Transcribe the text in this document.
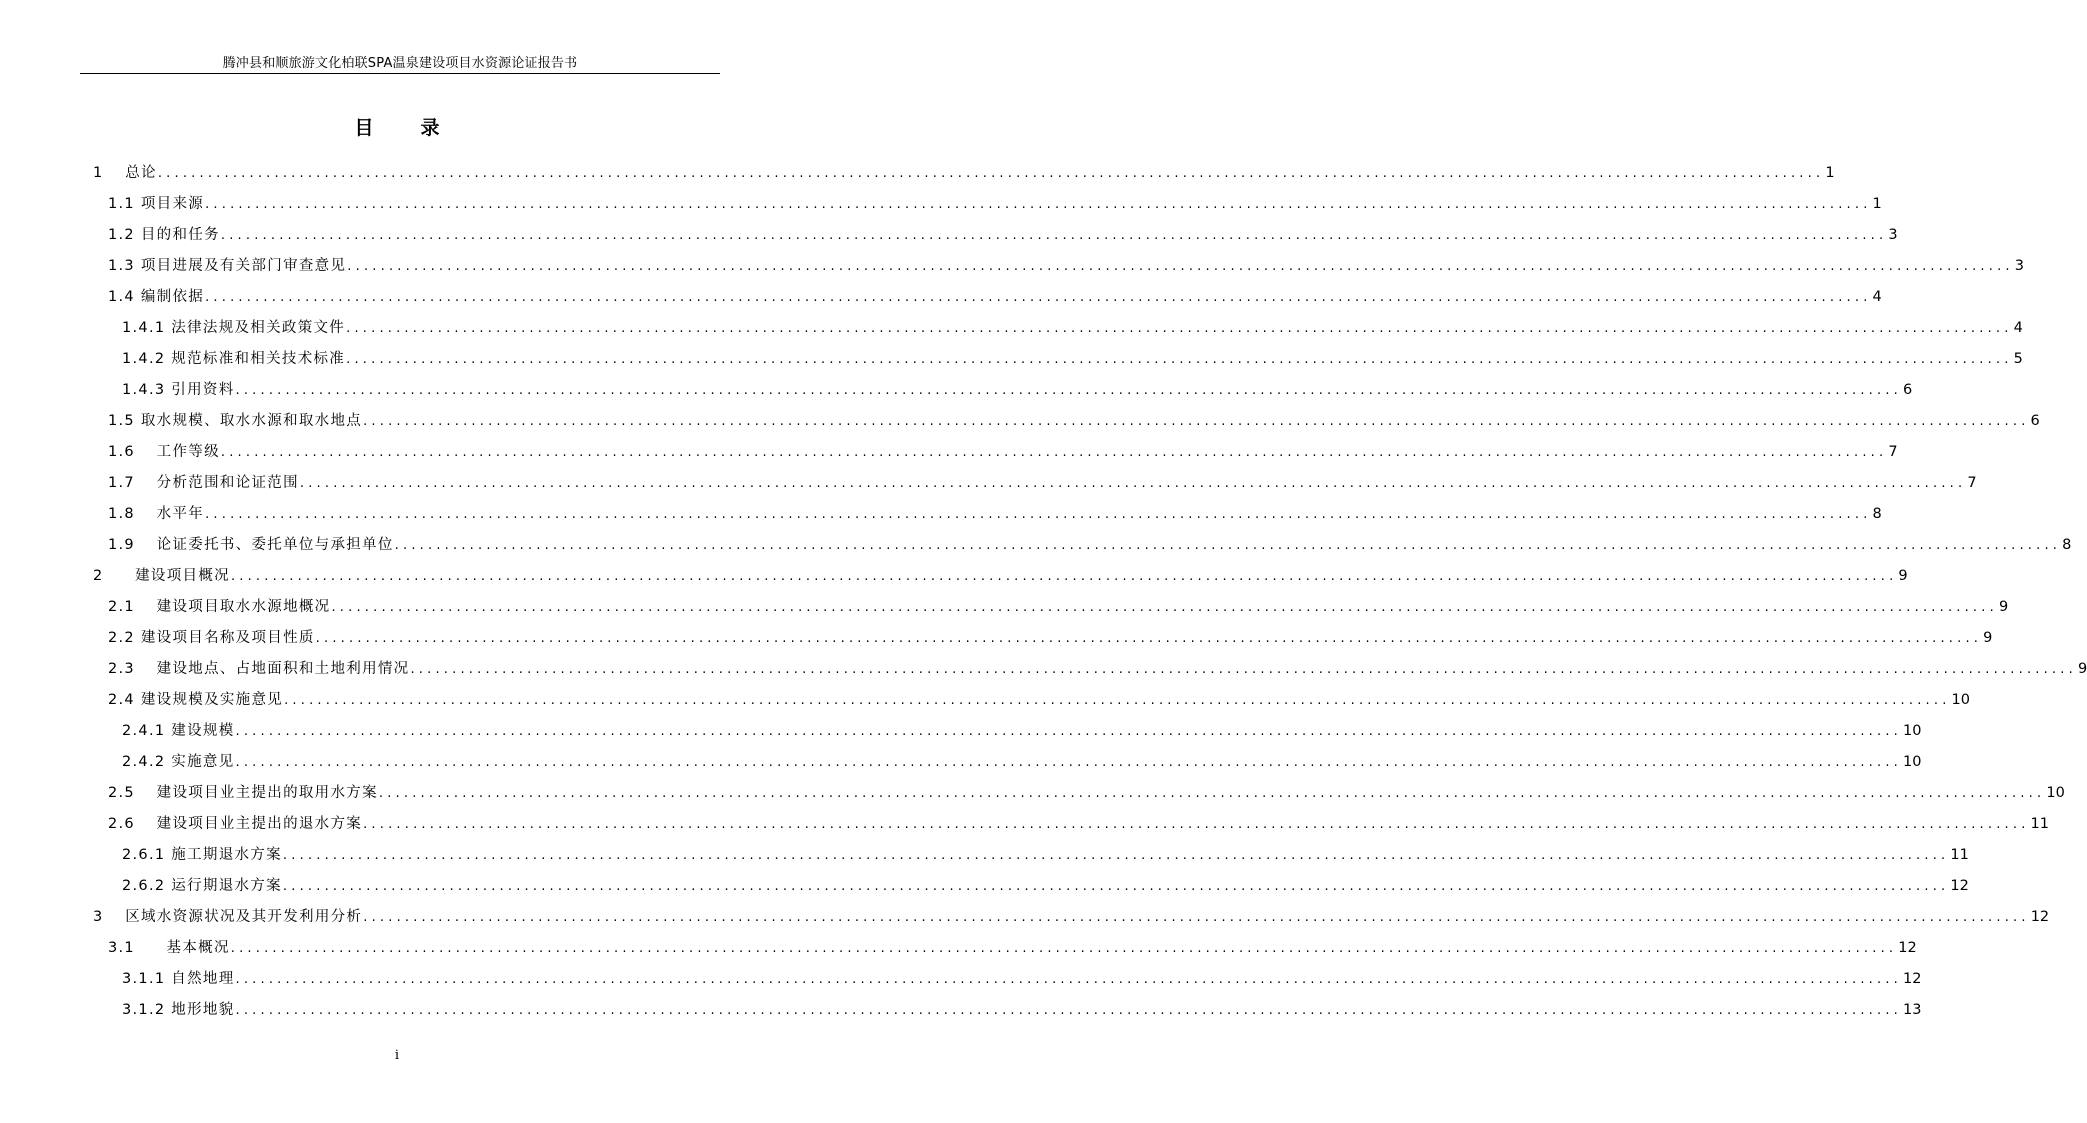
腾冲县和顺旅游文化柏联SPA温泉建设项目水资源论证报告书
目　录
1　 总论 ........................................................................................................................................................................................................ 1
1.1 项目来源 ........................................................................................................................................................................................................ 1
1.2 目的和任务 ........................................................................................................................................................................................................ 3
1.3 项目进展及有关部门审查意见 ........................................................................................................................................................................................................ 3
1.4 编制依据 ........................................................................................................................................................................................................ 4
1.4.1 法律法规及相关政策文件 ........................................................................................................................................................................................................ 4
1.4.2 规范标准和相关技术标准 ........................................................................................................................................................................................................ 5
1.4.3 引用资料 ........................................................................................................................................................................................................ 6
1.5 取水规模、取水水源和取水地点 ........................................................................................................................................................................................................ 6
1.6　 工作等级 ........................................................................................................................................................................................................ 7
1.7　 分析范围和论证范围 ........................................................................................................................................................................................................ 7
1.8　 水平年 ........................................................................................................................................................................................................ 8
1.9　 论证委托书、委托单位与承担单位 ........................................................................................................................................................................................................ 8
2　　建设项目概况 ........................................................................................................................................................................................................ 9
2.1　 建设项目取水水源地概况 ........................................................................................................................................................................................................ 9
2.2 建设项目名称及项目性质 ........................................................................................................................................................................................................ 9
2.3　 建设地点、占地面积和土地利用情况 ........................................................................................................................................................................................................ 9
2.4 建设规模及实施意见 ........................................................................................................................................................................................................ 10
2.4.1 建设规模 ........................................................................................................................................................................................................ 10
2.4.2 实施意见 ........................................................................................................................................................................................................ 10
2.5　 建设项目业主提出的取用水方案 ........................................................................................................................................................................................................ 10
2.6　 建设项目业主提出的退水方案 ........................................................................................................................................................................................................ 11
2.6.1 施工期退水方案 ........................................................................................................................................................................................................ 11
2.6.2 运行期退水方案 ........................................................................................................................................................................................................ 12
3　 区域水资源状况及其开发利用分析 ........................................................................................................................................................................................................ 12
3.1　　基本概况 ........................................................................................................................................................................................................ 12
3.1.1 自然地理 ........................................................................................................................................................................................................ 12
3.1.2 地形地貌 ........................................................................................................................................................................................................ 13
i
